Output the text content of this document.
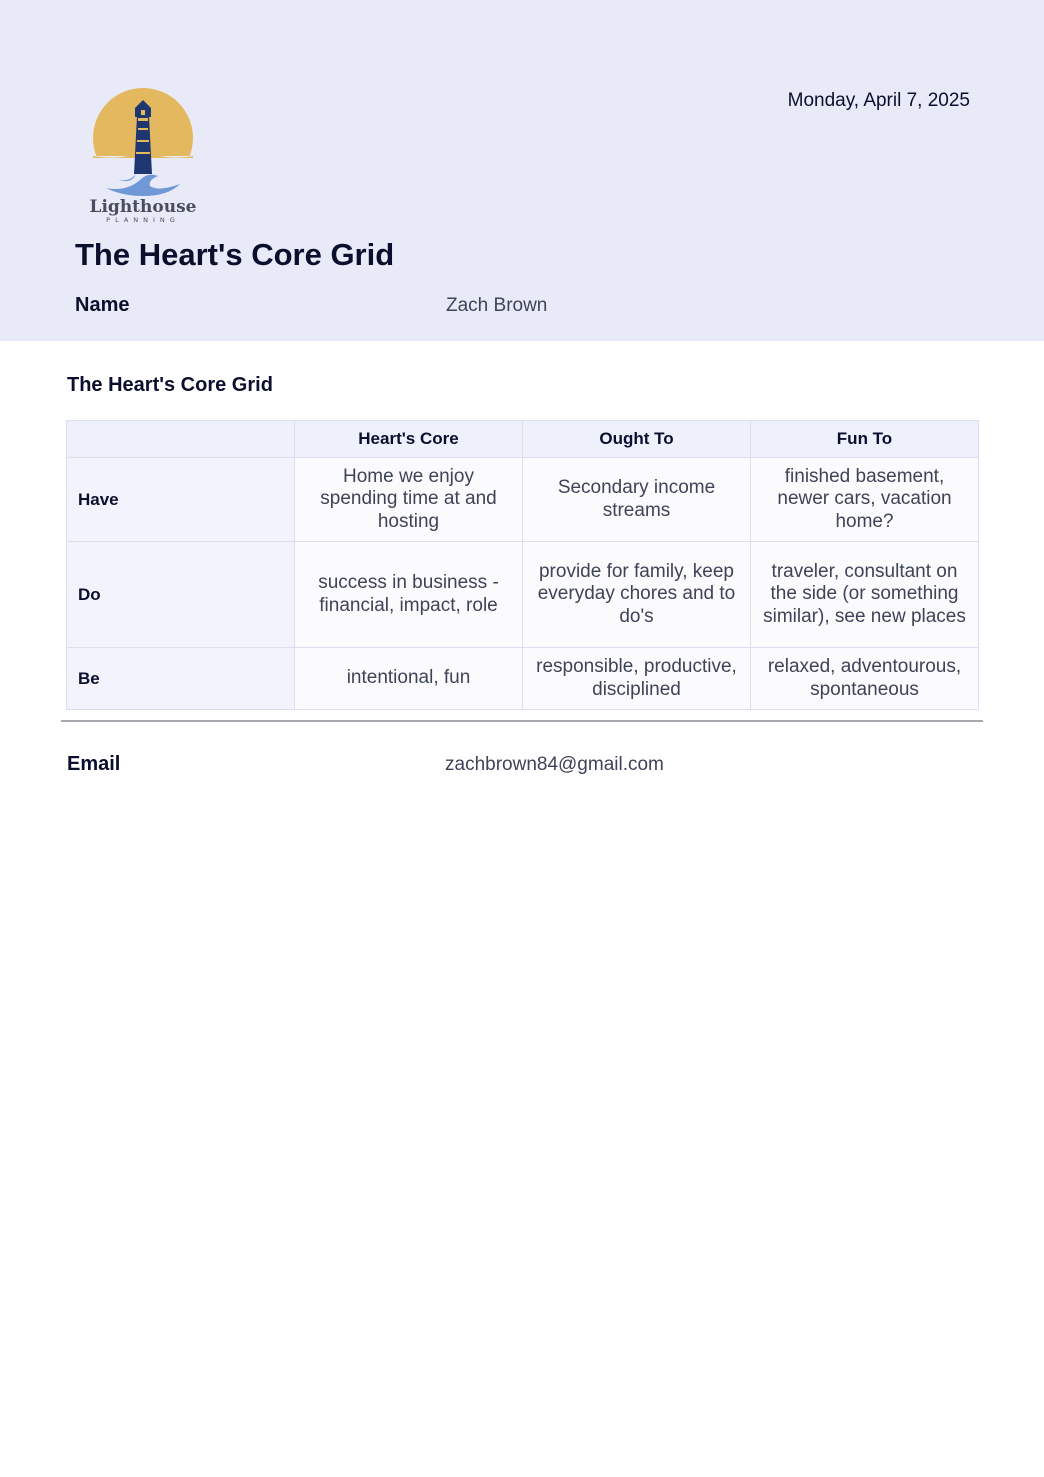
Lighthouse
PLANNING
Monday, April 7, 2025
The Heart's Core Grid
Name	Zach Brown
The Heart's Core Grid
	Heart's Core	Ought To	Fun To
Have	Home we enjoy spending time at and hosting	Secondary income streams	finished basement, newer cars, vacation home?
Do	success in business - financial, impact, role	provide for family, keep everyday chores and to do's	traveler, consultant on the side (or something similar), see new places
Be	intentional, fun	responsible, productive, disciplined	relaxed, adventourous, spontaneous
Email	zachbrown84@gmail.com
